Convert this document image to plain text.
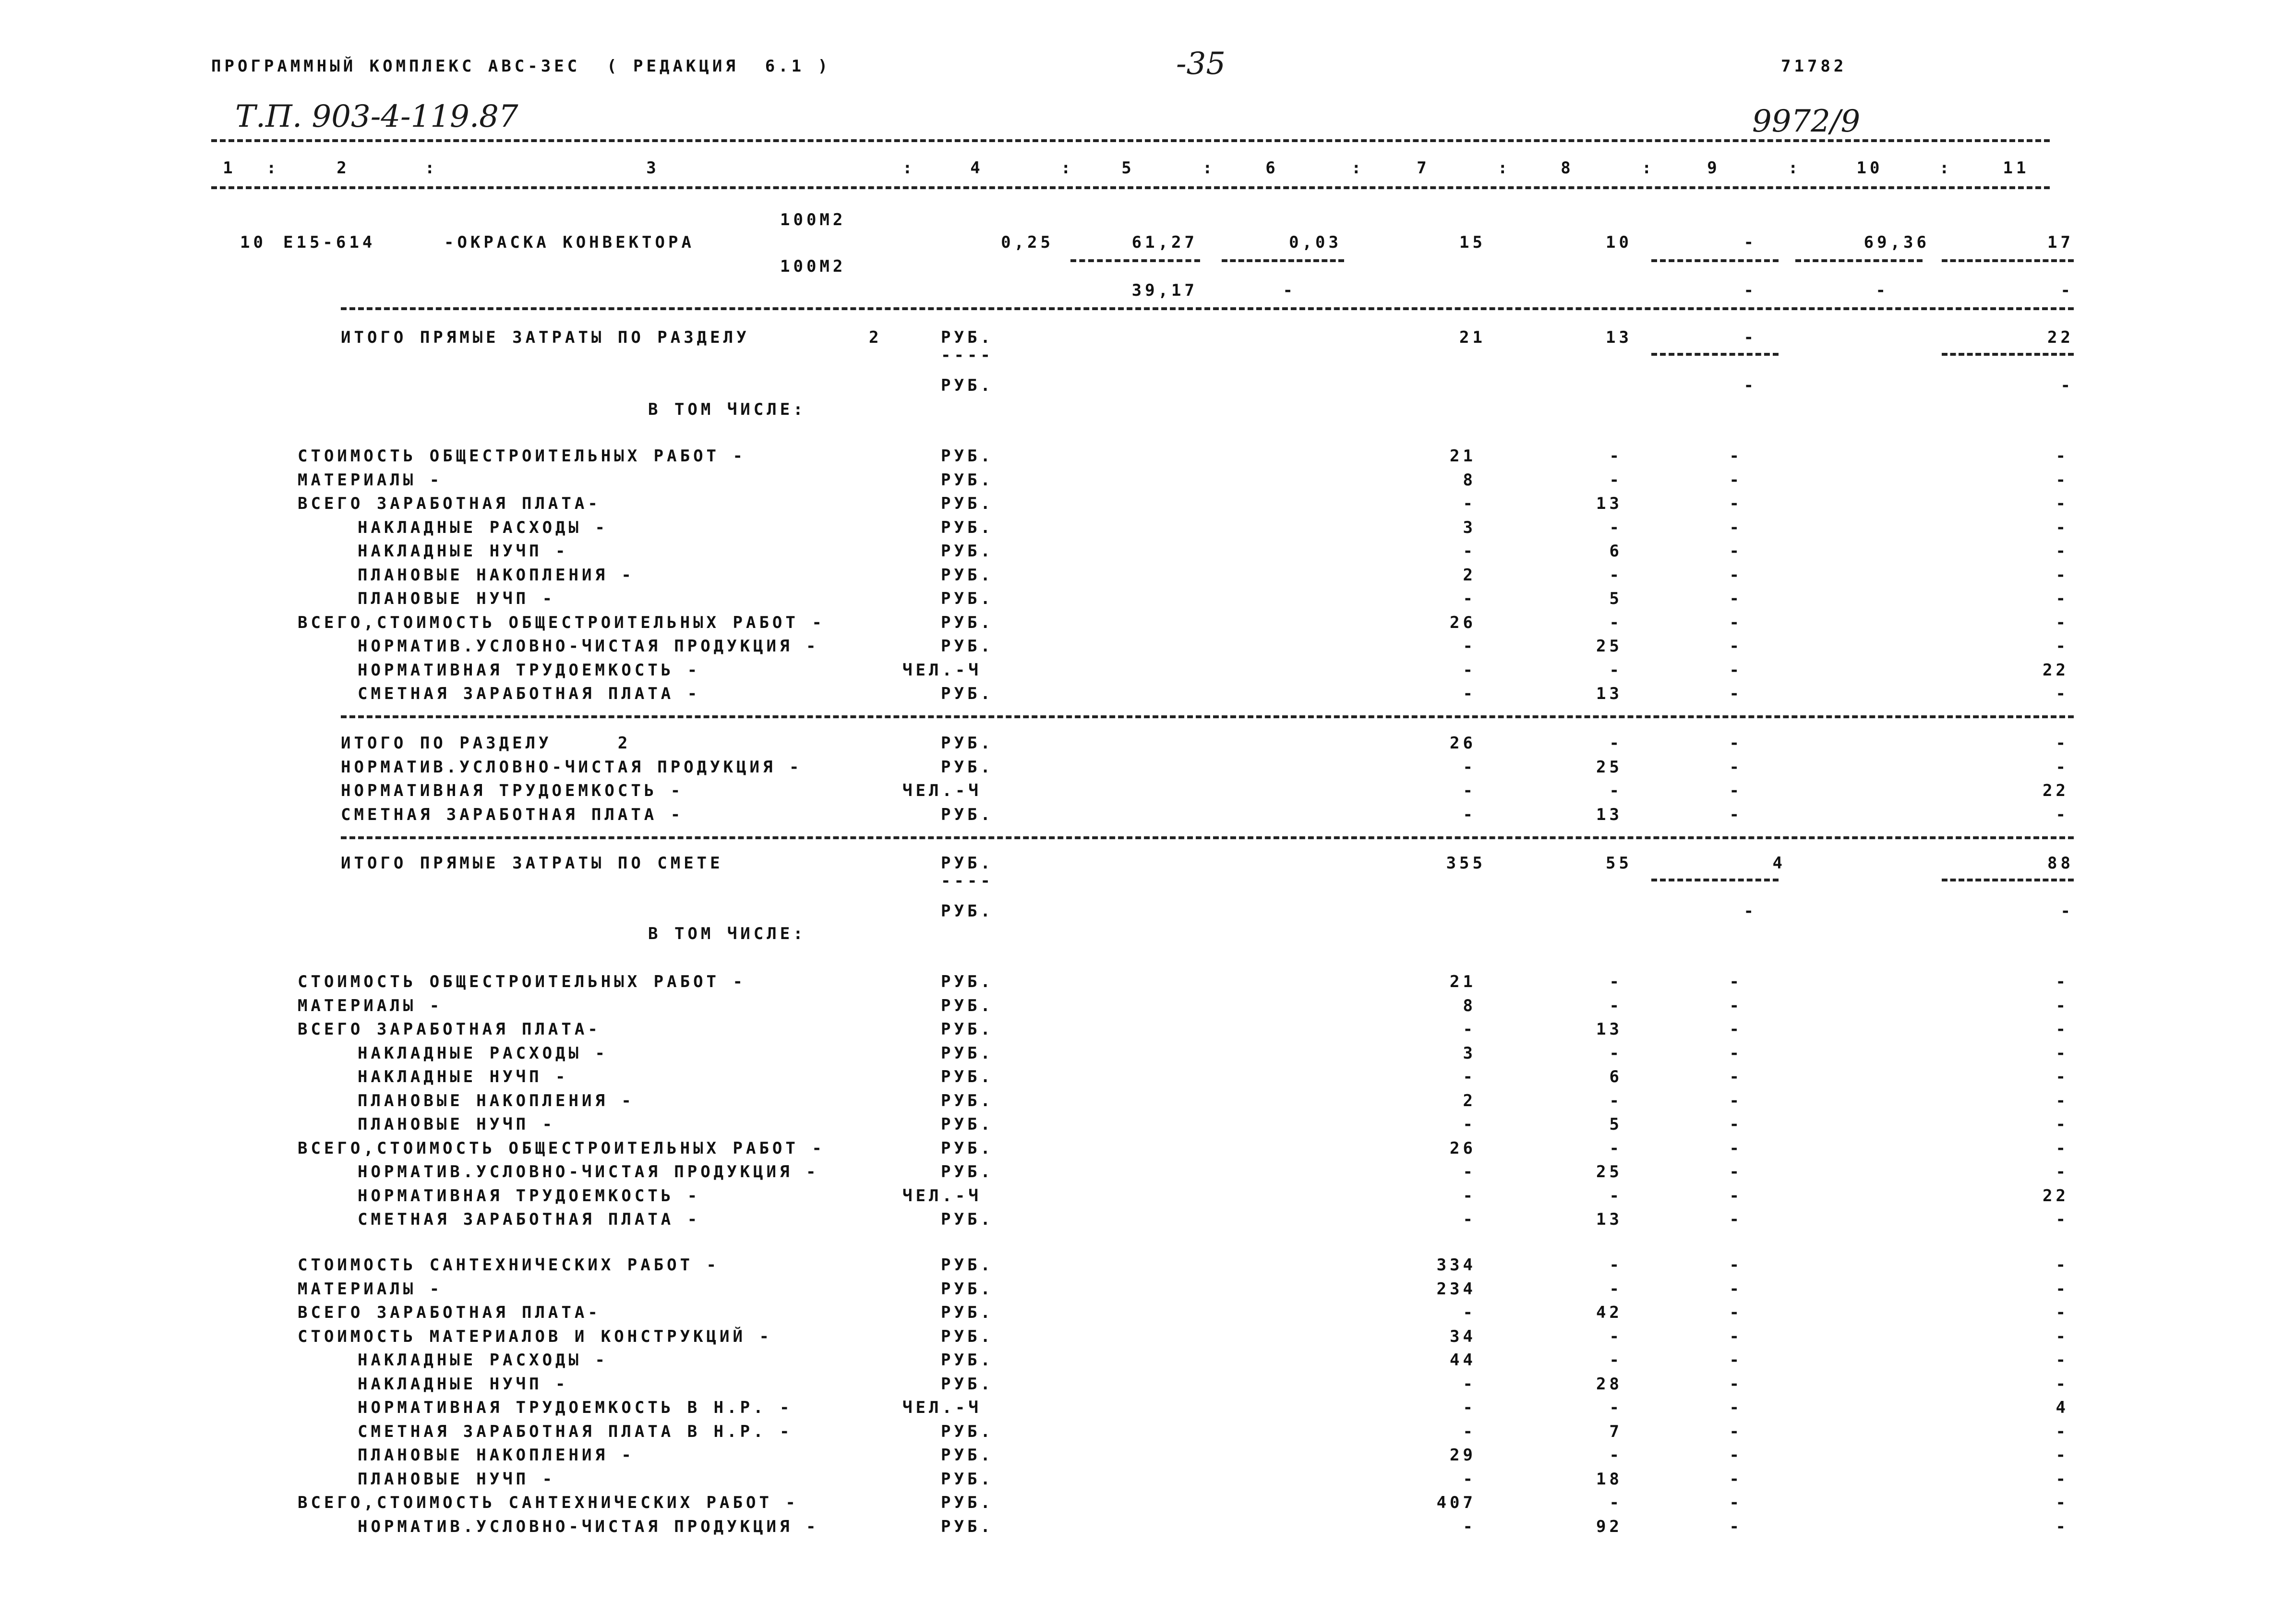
ПРОГРАММНЫЙ КОМПЛЕКС АВС-3ЕС  ( РЕДАКЦИЯ  6.1 )	-35	71782
Т.П. 903-4-119.87	9972/9
1	2	3	4	5	6	7	8	9	10	11
:	:	:	:	:	:	:	:	:	:
100М2
10 Е15-614	-ОКРАСКА КОНВЕКТОРА	0,25	61,27	0,03	15	10	-	69,36	17
100М2
39,17	-	-	-	-
ИТОГО ПРЯМЫЕ ЗАТРАТЫ ПО РАЗДЕЛУ	2	РУБ.	21	13	-	22
----
РУБ.	-	-
В ТОМ ЧИСЛЕ:
СТОИМОСТЬ ОБЩЕСТРОИТЕЛЬНЫХ РАБОТ -	РУБ.	21	-	-	-
МАТЕРИАЛЫ -	РУБ.	8	-	-	-
ВСЕГО ЗАРАБОТНАЯ ПЛАТА-	РУБ.	-	13	-	-
НАКЛАДНЫЕ РАСХОДЫ -	РУБ.	3	-	-	-
НАКЛАДНЫЕ НУЧП -	РУБ.	-	6	-	-
ПЛАНОВЫЕ НАКОПЛЕНИЯ -	РУБ.	2	-	-	-
ПЛАНОВЫЕ НУЧП -	РУБ.	-	5	-	-
ВСЕГО,СТОИМОСТЬ ОБЩЕСТРОИТЕЛЬНЫХ РАБОТ -	РУБ.	26	-	-	-
НОРМАТИВ.УСЛОВНО-ЧИСТАЯ ПРОДУКЦИЯ -	РУБ.	-	25	-	-
НОРМАТИВНАЯ ТРУДОЕМКОСТЬ -	ЧЕЛ.-Ч	-	-	-	22
СМЕТНАЯ ЗАРАБОТНАЯ ПЛАТА -	РУБ.	-	13	-	-
ИТОГО ПО РАЗДЕЛУ     2	РУБ.	26	-	-	-
НОРМАТИВ.УСЛОВНО-ЧИСТАЯ ПРОДУКЦИЯ -	РУБ.	-	25	-	-
НОРМАТИВНАЯ ТРУДОЕМКОСТЬ -	ЧЕЛ.-Ч	-	-	-	22
СМЕТНАЯ ЗАРАБОТНАЯ ПЛАТА -	РУБ.	-	13	-	-
ИТОГО ПРЯМЫЕ ЗАТРАТЫ ПО СМЕТЕ	РУБ.	355	55	4	88
----
РУБ.	-	-
В ТОМ ЧИСЛЕ:
СТОИМОСТЬ ОБЩЕСТРОИТЕЛЬНЫХ РАБОТ -	РУБ.	21	-	-	-
МАТЕРИАЛЫ -	РУБ.	8	-	-	-
ВСЕГО ЗАРАБОТНАЯ ПЛАТА-	РУБ.	-	13	-	-
НАКЛАДНЫЕ РАСХОДЫ -	РУБ.	3	-	-	-
НАКЛАДНЫЕ НУЧП -	РУБ.	-	6	-	-
ПЛАНОВЫЕ НАКОПЛЕНИЯ -	РУБ.	2	-	-	-
ПЛАНОВЫЕ НУЧП -	РУБ.	-	5	-	-
ВСЕГО,СТОИМОСТЬ ОБЩЕСТРОИТЕЛЬНЫХ РАБОТ -	РУБ.	26	-	-	-
НОРМАТИВ.УСЛОВНО-ЧИСТАЯ ПРОДУКЦИЯ -	РУБ.	-	25	-	-
НОРМАТИВНАЯ ТРУДОЕМКОСТЬ -	ЧЕЛ.-Ч	-	-	-	22
СМЕТНАЯ ЗАРАБОТНАЯ ПЛАТА -	РУБ.	-	13	-	-
СТОИМОСТЬ САНТЕХНИЧЕСКИХ РАБОТ -	РУБ.	334	-	-	-
МАТЕРИАЛЫ -	РУБ.	234	-	-	-
ВСЕГО ЗАРАБОТНАЯ ПЛАТА-	РУБ.	-	42	-	-
СТОИМОСТЬ МАТЕРИАЛОВ И КОНСТРУКЦИЙ -	РУБ.	34	-	-	-
НАКЛАДНЫЕ РАСХОДЫ -	РУБ.	44	-	-	-
НАКЛАДНЫЕ НУЧП -	РУБ.	-	28	-	-
НОРМАТИВНАЯ ТРУДОЕМКОСТЬ В Н.Р. -	ЧЕЛ.-Ч	-	-	-	4
СМЕТНАЯ ЗАРАБОТНАЯ ПЛАТА В Н.Р. -	РУБ.	-	7	-	-
ПЛАНОВЫЕ НАКОПЛЕНИЯ -	РУБ.	29	-	-	-
ПЛАНОВЫЕ НУЧП -	РУБ.	-	18	-	-
ВСЕГО,СТОИМОСТЬ САНТЕХНИЧЕСКИХ РАБОТ -	РУБ.	407	-	-	-
НОРМАТИВ.УСЛОВНО-ЧИСТАЯ ПРОДУКЦИЯ -	РУБ.	-	92	-	-
